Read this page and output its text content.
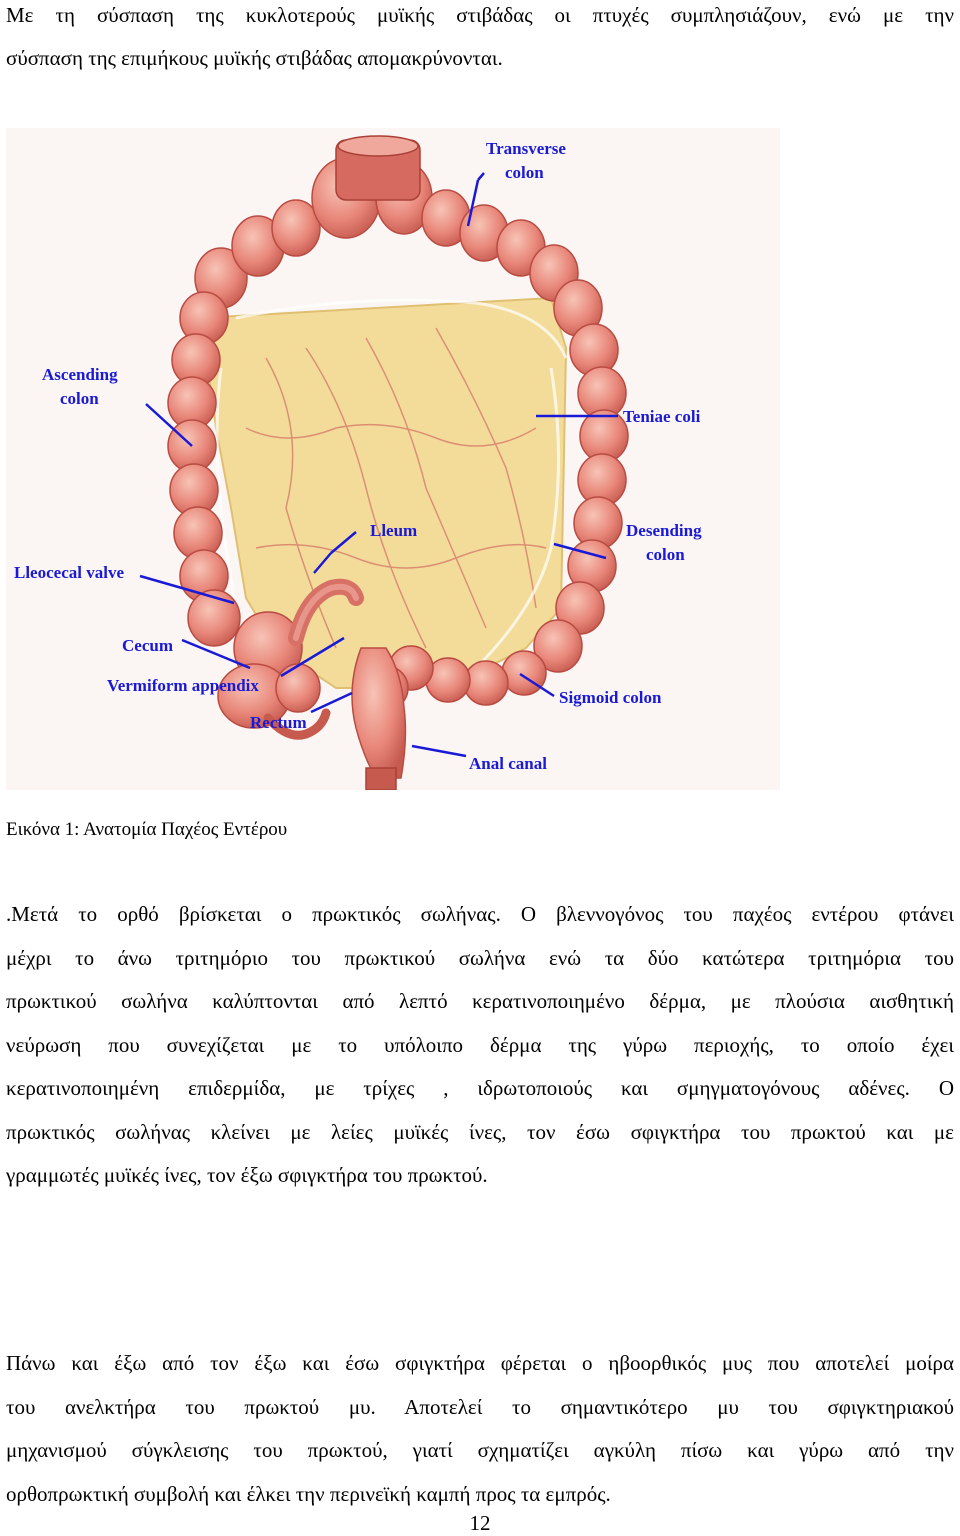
Με τη σύσπαση της κυκλοτερούς μυϊκής στιβάδας οι πτυχές συμπλησιάζουν, ενώ με την
σύσπαση της επιμήκους μυϊκής στιβάδας απομακρύνονται.
Transverse
colon
Ascending
colon
Teniae coli
Lleum	Desending
colon
Lleocecal valve
Cecum
Vermiform appendix
Sigmoid colon
Rectum
Anal canal
Εικόνα 1: Ανατομία Παχέος Εντέρου
.Μετά το ορθό βρίσκεται ο πρωκτικός σωλήνας. Ο βλεννογόνος του παχέος εντέρου φτάνει
μέχρι το άνω τριτημόριο του πρωκτικού σωλήνα ενώ τα δύο κατώτερα τριτημόρια του
πρωκτικού σωλήνα καλύπτονται από λεπτό κερατινοποιημένο δέρμα, με πλούσια αισθητική
νεύρωση που συνεχίζεται με το υπόλοιπο δέρμα της γύρω περιοχής, το οποίο έχει
κερατινοποιημένη επιδερμίδα, με τρίχες , ιδρωτοποιούς και σμηγματογόνους αδένες. Ο
πρωκτικός σωλήνας κλείνει με λείες μυϊκές ίνες, τον έσω σφιγκτήρα του πρωκτού και με
γραμμωτές μυϊκές ίνες, τον έξω σφιγκτήρα του πρωκτού.
Πάνω και έξω από τον έξω και έσω σφιγκτήρα φέρεται ο ηβοορθικός μυς που αποτελεί μοίρα
του ανελκτήρα του πρωκτού μυ. Αποτελεί το σημαντικότερο μυ του σφιγκτηριακού
μηχανισμού σύγκλεισης του πρωκτού, γιατί σχηματίζει αγκύλη πίσω και γύρω από την
ορθοπρωκτική συμβολή και έλκει την περινεϊκή καμπή προς τα εμπρός.
12
